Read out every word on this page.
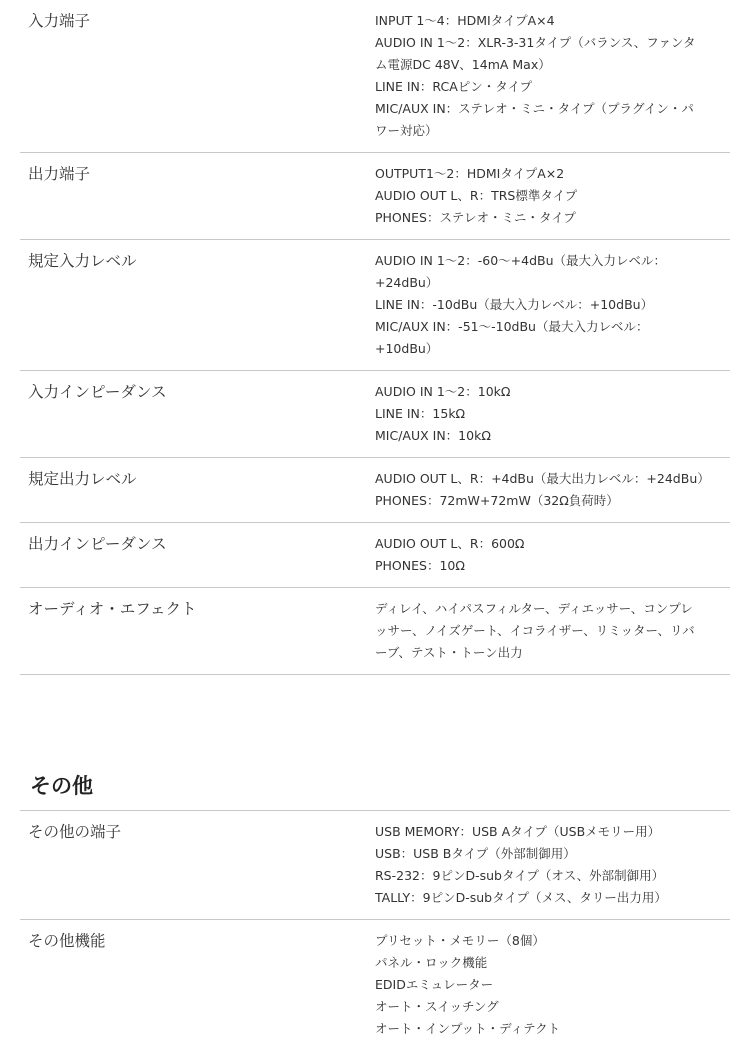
入力端子	INPUT 1～4：HDMIタイプA×4
AUDIO IN 1～2：XLR-3-31タイプ（バランス、ファンタ
ム電源DC 48V、14mA Max）
LINE IN：RCAピン・タイプ
MIC/AUX IN：ステレオ・ミニ・タイプ（プラグイン・パ
ワー対応）
出力端子	OUTPUT1～2：HDMIタイプA×2
AUDIO OUT L、R：TRS標準タイプ
PHONES：ステレオ・ミニ・タイプ
規定入力レベル	AUDIO IN 1～2：-60～+4dBu（最大入力レベル：
+24dBu）
LINE IN：-10dBu（最大入力レベル：+10dBu）
MIC/AUX IN：-51～-10dBu（最大入力レベル：
+10dBu）
入力インピーダンス	AUDIO IN 1～2：10kΩ
LINE IN：15kΩ
MIC/AUX IN：10kΩ
規定出力レベル	AUDIO OUT L、R：+4dBu（最大出力レベル：+24dBu）
PHONES：72mW+72mW（32Ω負荷時）
出力インピーダンス	AUDIO OUT L、R：600Ω
PHONES：10Ω
オーディオ・エフェクト	ディレイ、ハイパスフィルター、ディエッサー、コンプレ
ッサー、ノイズゲート、イコライザー、リミッター、リバ
ーブ、テスト・トーン出力
その他
その他の端子	USB MEMORY：USB Aタイプ（USBメモリー用）
USB：USB Bタイプ（外部制御用）
RS-232：9ピンD-subタイプ（オス、外部制御用）
TALLY：9ピンD-subタイプ（メス、タリー出力用）
その他機能	プリセット・メモリー（8個）
パネル・ロック機能
EDIDエミュレーター
オート・スイッチング
オート・インプット・ディテクト
